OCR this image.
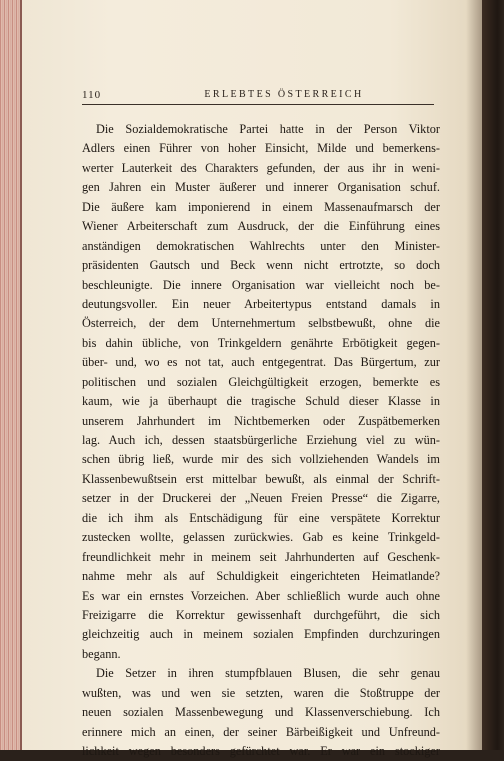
110	ERLEBTES ÖSTERREICH
Die Sozialdemokratische Partei hatte in der Person Viktor
Adlers einen Führer von hoher Einsicht, Milde und bemerkens-
werter Lauterkeit des Charakters gefunden, der aus ihr in weni-
gen Jahren ein Muster äußerer und innerer Organisation schuf.
Die äußere kam imponierend in einem Massenaufmarsch der
Wiener Arbeiterschaft zum Ausdruck, der die Einführung eines
anständigen demokratischen Wahlrechts unter den Minister-
präsidenten Gautsch und Beck wenn nicht ertrotzte, so doch
beschleunigte. Die innere Organisation war vielleicht noch be-
deutungsvoller. Ein neuer Arbeitertypus entstand damals in
Österreich, der dem Unternehmertum selbstbewußt, ohne die
bis dahin übliche, von Trinkgeldern genährte Erbötigkeit gegen-
über- und, wo es not tat, auch entgegentrat. Das Bürgertum, zur
politischen und sozialen Gleichgültigkeit erzogen, bemerkte es
kaum, wie ja überhaupt die tragische Schuld dieser Klasse in
unserem Jahrhundert im Nichtbemerken oder Zuspätbemerken
lag. Auch ich, dessen staatsbürgerliche Erziehung viel zu wün-
schen übrig ließ, wurde mir des sich vollziehenden Wandels im
Klassenbewußtsein erst mittelbar bewußt, als einmal der Schrift-
setzer in der Druckerei der „Neuen Freien Presse“ die Zigarre,
die ich ihm als Entschädigung für eine verspätete Korrektur
zustecken wollte, gelassen zurückwies. Gab es keine Trinkgeld-
freundlichkeit mehr in meinem seit Jahrhunderten auf Geschenk-
nahme mehr als auf Schuldigkeit eingerichteten Heimatlande?
Es war ein ernstes Vorzeichen. Aber schließlich wurde auch ohne
Freizigarre die Korrektur gewissenhaft durchgeführt, die sich
gleichzeitig auch in meinem sozialen Empfinden durchzuringen
begann.
Die Setzer in ihren stumpfblauen Blusen, die sehr genau
wußten, was und wen sie setzten, waren die Stoßtruppe der
neuen sozialen Massenbewegung und Klassenverschiebung. Ich
erinnere mich an einen, der seiner Bärbeißigkeit und Unfreund-
lichkeit wegen besonders gefürchtet war. Er war ein stockiger
